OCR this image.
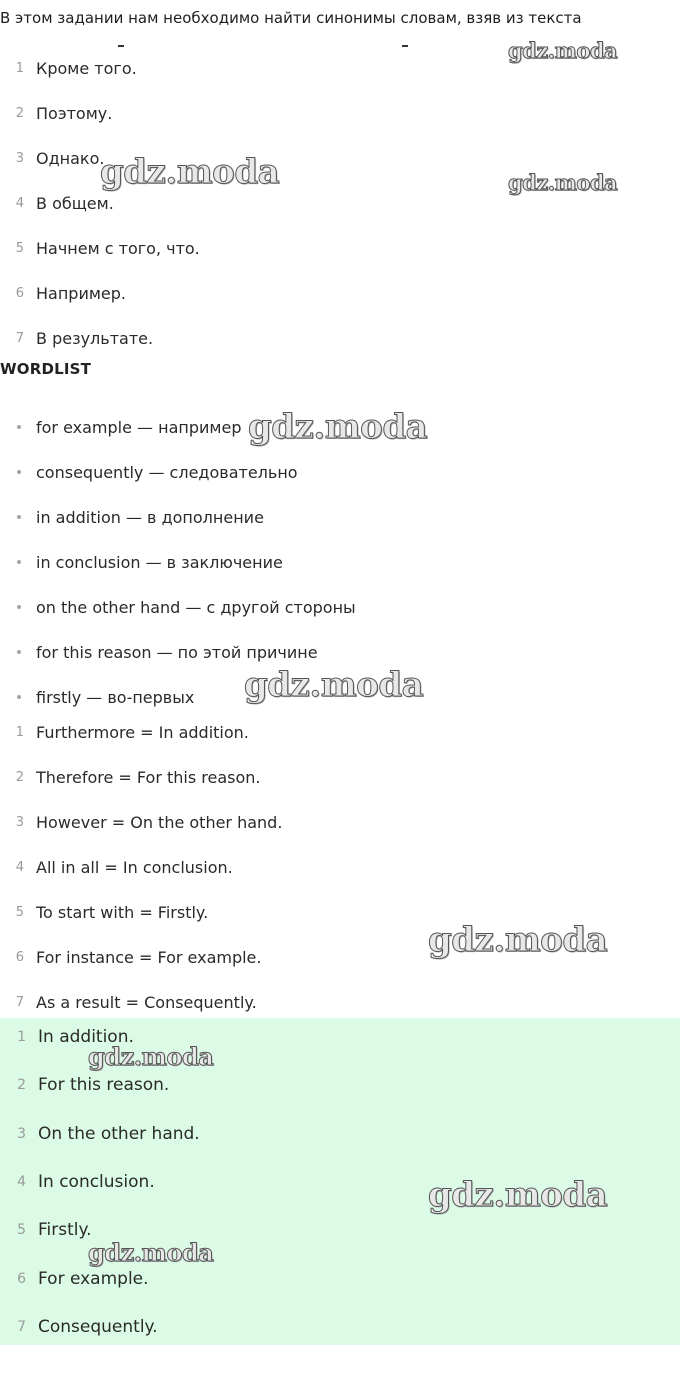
В этом задании нам необходимо найти синонимы словам, взяв из текста
1 Кроме того.
2 Поэтому.
3 Однако.
4 В общем.
5 Начнем с того, что.
6 Например.
7 В результате.
WORDLIST
for example — например
consequently — следовательно
in addition — в дополнение
in conclusion — в заключение
on the other hand — с другой стороны
for this reason — по этой причине
firstly — во-первых
1 Furthermore = In addition.
2 Therefore = For this reason.
3 However = On the other hand.
4 All in all = In conclusion.
5 To start with = Firstly.
6 For instance = For example.
7 As a result = Consequently.
1 In addition.
2 For this reason.
3 On the other hand.
4 In conclusion.
5 Firstly.
6 For example.
7 Consequently.
gdz.moda
gdz.moda	gdz.moda
gdz.moda
gdz.moda
gdz.moda
gdz.moda
gdz.moda
gdz.moda
